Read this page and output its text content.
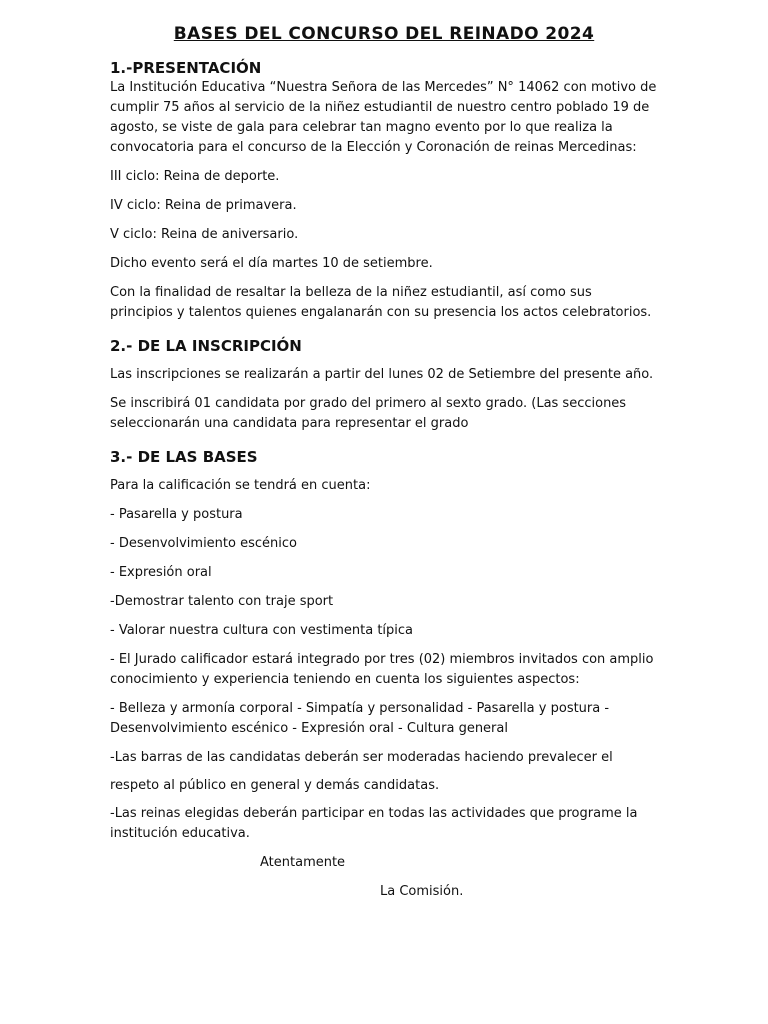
BASES DEL CONCURSO DEL REINADO 2024
1.-PRESENTACIÓN

La Institución Educativa “Nuestra Señora de las Mercedes” N° 14062 con motivo de cumplir 75 años al servicio de la niñez estudiantil de nuestro centro poblado 19 de agosto, se viste de gala para celebrar tan magno evento por lo que realiza la convocatoria para el concurso de la Elección y Coronación de reinas Mercedinas:

III ciclo: Reina de deporte.

IV ciclo: Reina de primavera.

V ciclo: Reina de aniversario.

Dicho evento será el día martes 10 de setiembre.

Con la finalidad de resaltar la belleza de la niñez estudiantil, así como sus principios y talentos quienes engalanarán con su presencia los actos celebratorios.

2.- DE LA INSCRIPCIÓN

Las inscripciones se realizarán a partir del lunes 02 de Setiembre del presente año.

Se inscribirá 01 candidata por grado del primero al sexto grado. (Las secciones seleccionarán una candidata para representar el grado

3.- DE LAS BASES

Para la calificación se tendrá en cuenta:

- Pasarella y postura

- Desenvolvimiento escénico

- Expresión oral

-Demostrar talento con traje sport

- Valorar nuestra cultura con vestimenta típica

- El Jurado calificador estará integrado por tres (02) miembros invitados con amplio conocimiento y experiencia teniendo en cuenta los siguientes aspectos:

- Belleza y armonía corporal - Simpatía y personalidad - Pasarella y postura - Desenvolvimiento escénico - Expresión oral - Cultura general

-Las barras de las candidatas deberán ser moderadas haciendo prevalecer el

respeto al público en general y demás candidatas.

-Las reinas elegidas deberán participar en todas las actividades que programe la institución educativa.

Atentamente

La Comisión.
